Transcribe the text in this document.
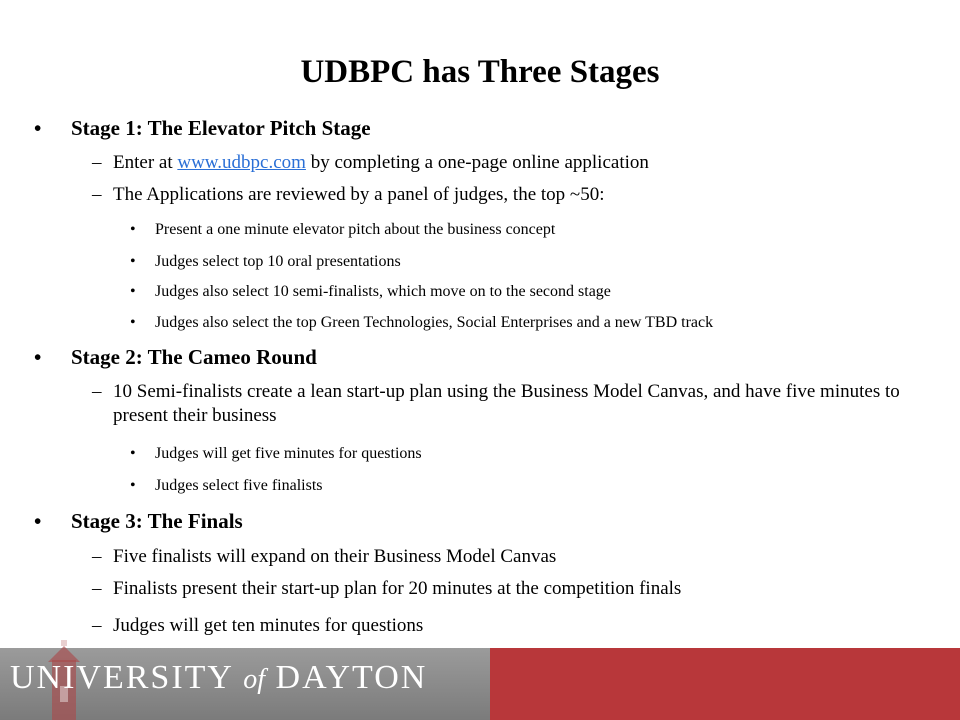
UDBPC has Three Stages
• Stage 1: The Elevator Pitch Stage
– Enter at www.udbpc.com by completing a one-page online application
– The Applications are reviewed by a panel of judges, the top ~50:
• Present a one minute elevator pitch about the business concept
• Judges select top 10 oral presentations
• Judges also select 10 semi-finalists, which move on to the second stage
• Judges also select the top Green Technologies, Social Enterprises and a new TBD track
• Stage 2: The Cameo Round
– 10 Semi-finalists create a lean start-up plan using the Business Model Canvas, and have five minutes to present their business
• Judges will get five minutes for questions
• Judges select five finalists
• Stage 3: The Finals
– Five finalists will expand on their Business Model Canvas
– Finalists present their start-up plan for 20 minutes at the competition finals
– Judges will get ten minutes for questions
UNIVERSITY of DAYTON
